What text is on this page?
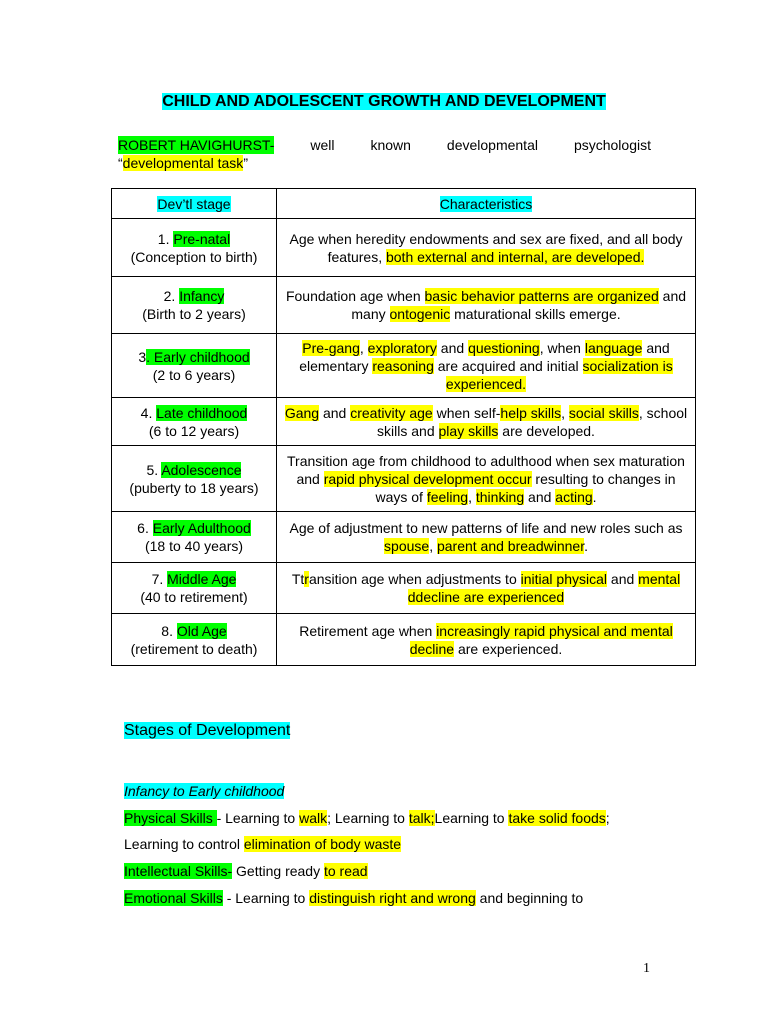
CHILD AND ADOLESCENT GROWTH AND DEVELOPMENT
ROBERT HAVIGHURST-	well	known	developmental	psychologist
“developmental task”
Dev’tl stage	Characteristics
1. Pre-natal
(Conception to birth)	Age when heredity endowments and sex are fixed, and all body features, both external and internal, are developed.
2. Infancy
(Birth to 2 years)	Foundation age when basic behavior patterns are organized and many ontogenic maturational skills emerge.
3. Early childhood
(2 to 6 years)	Pre-gang, exploratory and questioning, when language and elementary reasoning are acquired and initial socialization is experienced.
4. Late childhood
(6 to 12 years)	Gang and creativity age when self-help skills, social skills, school skills and play skills are developed.
5. Adolescence
(puberty to 18 years)	Transition age from childhood to adulthood when sex maturation and rapid physical development occur resulting to changes in ways of feeling, thinking and acting.
6. Early Adulthood
(18 to 40 years)	Age of adjustment to new patterns of life and new roles such as spouse, parent and breadwinner.
7. Middle Age
(40 to retirement)	Ttransition age when adjustments to initial physical and mental ddecline are experienced
8. Old Age
(retirement to death)	Retirement age when increasingly rapid physical and mental decline are experienced.
Stages of Development
Infancy to Early childhood
Physical Skills - Learning to walk; Learning to talk;Learning to take solid foods;
Learning to control elimination of body waste
Intellectual Skills- Getting ready to read
Emotional Skills - Learning to distinguish right and wrong and beginning to
1
